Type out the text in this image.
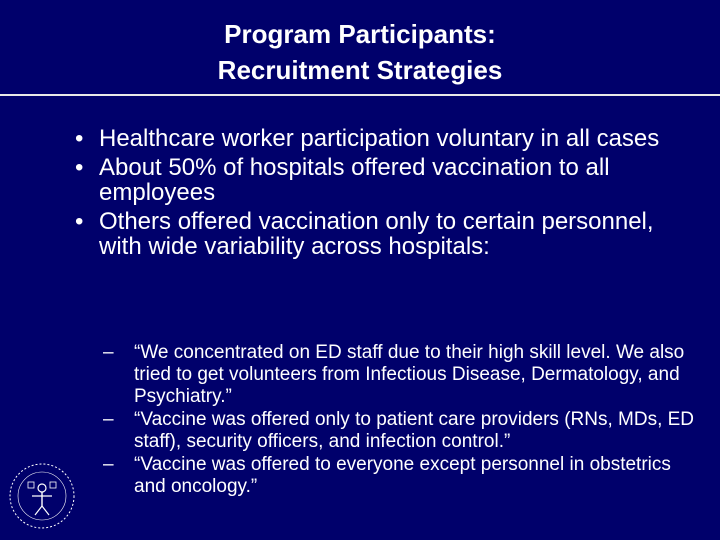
Program Participants:
Recruitment Strategies
• Healthcare worker participation voluntary in all cases
• About 50% of hospitals offered vaccination to all employees
• Others offered vaccination only to certain personnel, with wide variability across hospitals:
– “We concentrated on ED staff due to their high skill level. We also tried to get volunteers from Infectious Disease, Dermatology, and Psychiatry.”
– “Vaccine was offered only to patient care providers (RNs, MDs, ED staff), security officers, and infection control.”
– “Vaccine was offered to everyone except personnel in obstetrics and oncology.”
